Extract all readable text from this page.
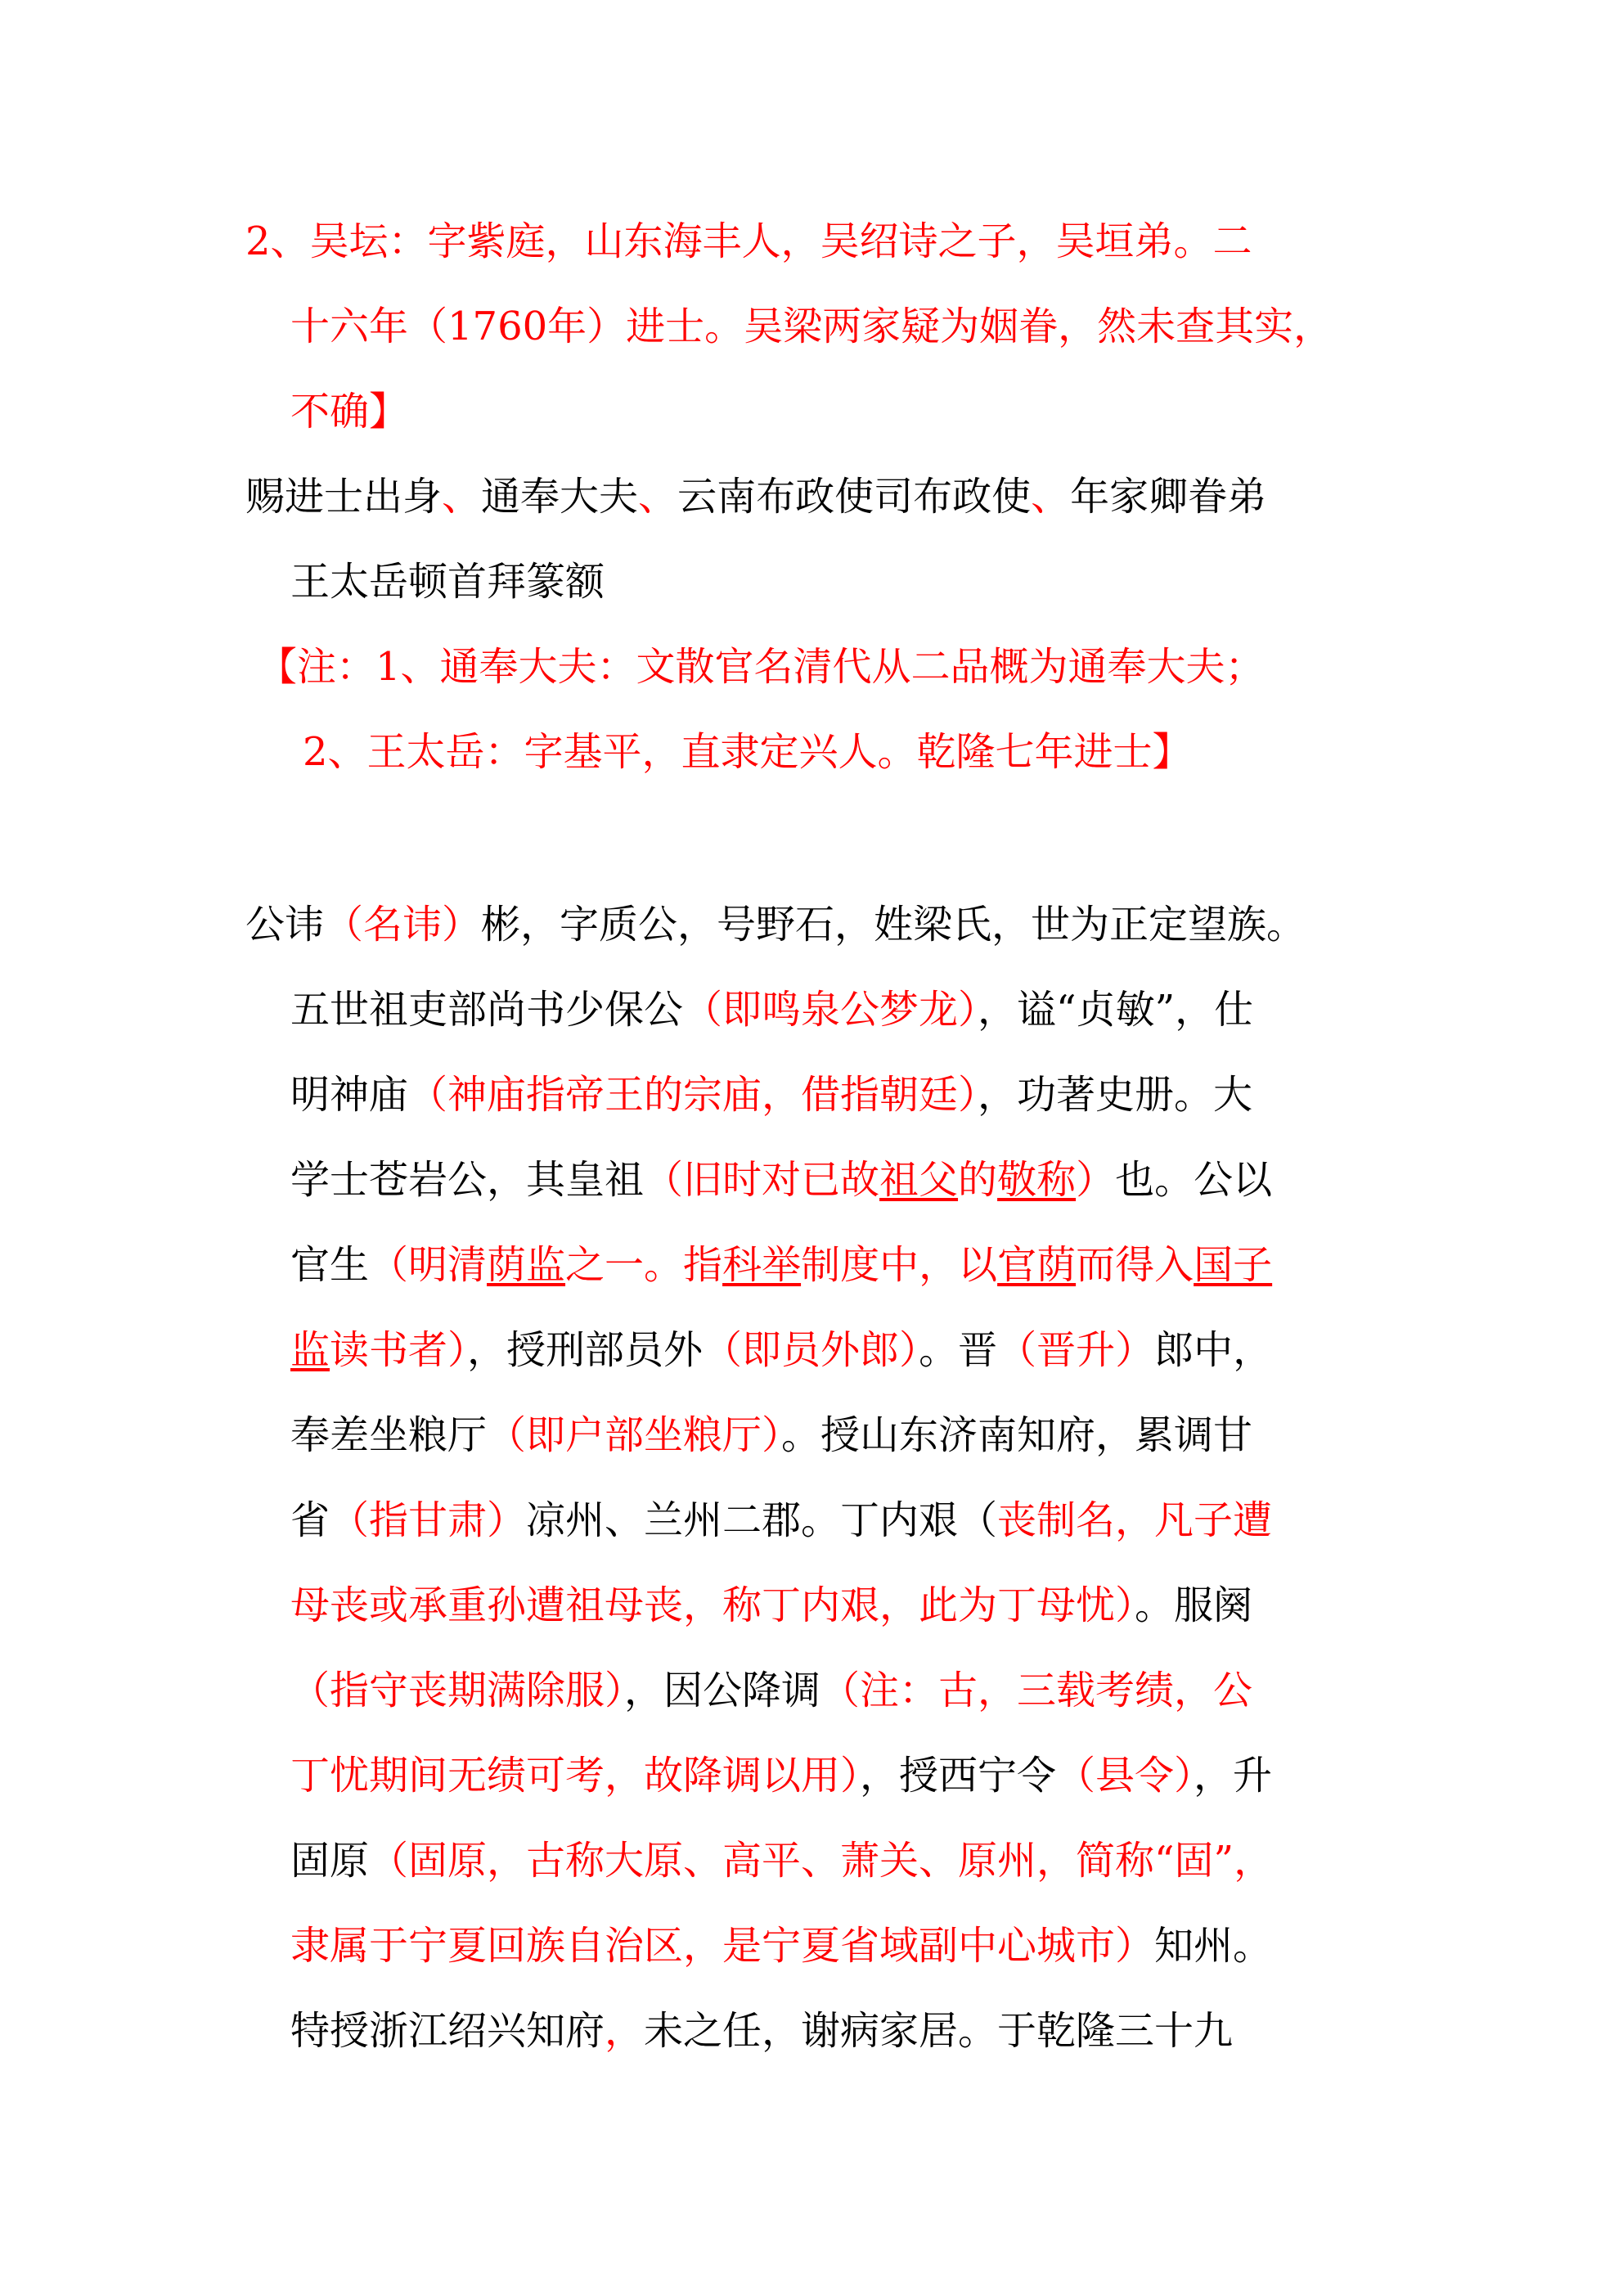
2、吴坛：字紫庭，山东海丰人，吴绍诗之子，吴垣弟。二
十六年（1760年）进士。吴梁两家疑为姻眷，然未查其实，
不确】
赐进士出身、通奉大夫、云南布政使司布政使、年家卿眷弟
王太岳顿首拜篆额
【注：1、通奉大夫：文散官名清代从二品概为通奉大夫；
2、王太岳：字基平，直隶定兴人。乾隆七年进士】
公讳（名讳）彬，字质公，号野石，姓梁氏，世为正定望族。
五世祖吏部尚书少保公（即鸣泉公梦龙），谥“贞敏”，仕
明神庙（神庙指帝王的宗庙，借指朝廷），功著史册。大
学士苍岩公，其皇祖（旧时对已故祖父的敬称）也。公以
官生（明清荫监之一。指科举制度中，以官荫而得入国子
监读书者），授刑部员外（即员外郎）。晋（晋升）郎中，
奉差坐粮厅（即户部坐粮厅）。授山东济南知府，累调甘
省（指甘肃）凉州、兰州二郡。丁内艰（丧制名，凡子遭
母丧或承重孙遭祖母丧，称丁内艰，此为丁母忧）。服阕
（指守丧期满除服），因公降调（注：古，三载考绩，公
丁忧期间无绩可考，故降调以用），授西宁令（县令），升
固原（固原，古称大原、高平、萧关、原州，简称“固”，
隶属于宁夏回族自治区，是宁夏省域副中心城市）知州。
特授浙江绍兴知府，未之任，谢病家居。于乾隆三十九
